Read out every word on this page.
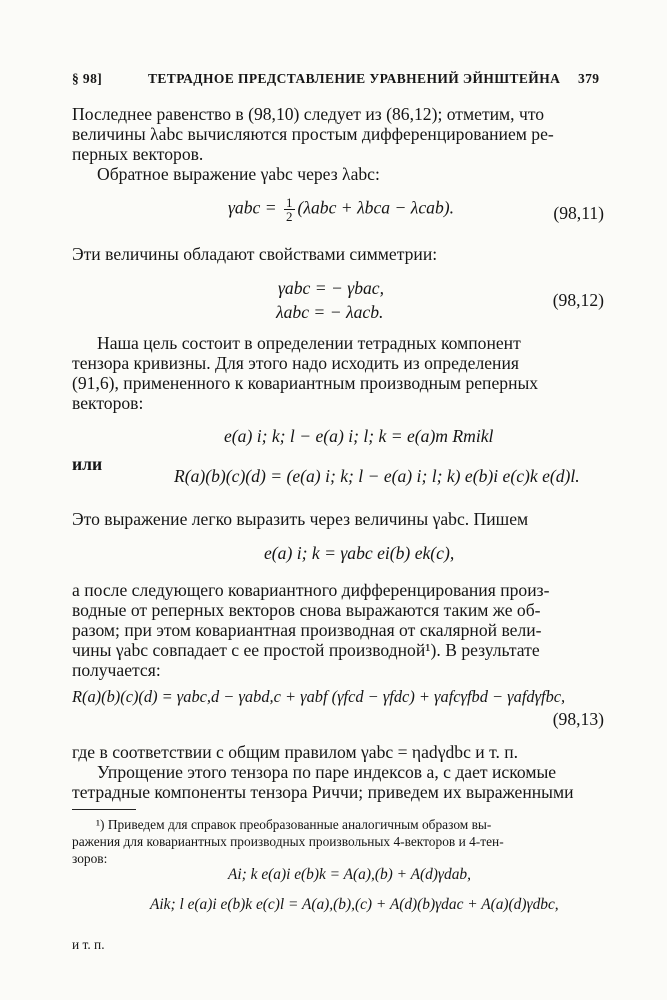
§ 98]	ТЕТРАДНОЕ ПРЕДСТАВЛЕНИЕ УРАВНЕНИЙ ЭЙНШТЕЙНА 379
Последнее равенство в (98,10) следует из (86,12); отметим, что
величины λabc вычисляются простым дифференцированием ре-
перных векторов.
Обратное выражение γabc через λabc:
$\gamma abc = \frac{1}{2} (\lambda abc + \lambda bca - \lambda cab)$.	(98,11)
Эти величины обладают свойствами симметрии:
γabc = − γbac,
λabc = − λacb.
(98,12)
Наша цель состоит в определении тетрадных компонент
тензора кривизны. Для этого надо исходить из определения
(91,6), примененного к ковариантным производным реперных
векторов:
e(a) i; k; l − e(a) i; l; k = e(a)m Rmikl
или
R(a)(b)(c)(d) = (e(a) i; k; l − e(a) i; l; k) e(b)i e(c)k e(d)l.
Это выражение легко выразить через величины γabc. Пишем
e(a) i; k = γabc ei(b) ek(c),
а после следующего ковариантного дифференцирования произ-
водные от реперных векторов снова выражаются таким же об-
разом; при этом ковариантная производная от скалярной вели-
чины γabc совпадает с ее простой производной¹). В результате
получается:
R(a)(b)(c)(d) = γabc,d − γabd,c + γabf (γfcd − γfdc) + γafcγfbd − γafdγfbc,
(98,13)
где в соответствии с общим правилом γabc = ηadγdbc и т. п.
Упрощение этого тензора по паре индексов a, c дает искомые
тетрадные компоненты тензора Риччи; приведем их выраженными
¹) Приведем для справок преобразованные аналогичным образом вы-
ражения для ковариантных производных произвольных 4-векторов и 4-тен-
зоров:
Ai; k e(a)i e(b)k = A(a),(b) + A(d)γdab,
Aik; l e(a)i e(b)k e(c)l = A(a),(b),(c) + A(d)(b)γdac + A(a)(d)γdbc,
и т. п.
